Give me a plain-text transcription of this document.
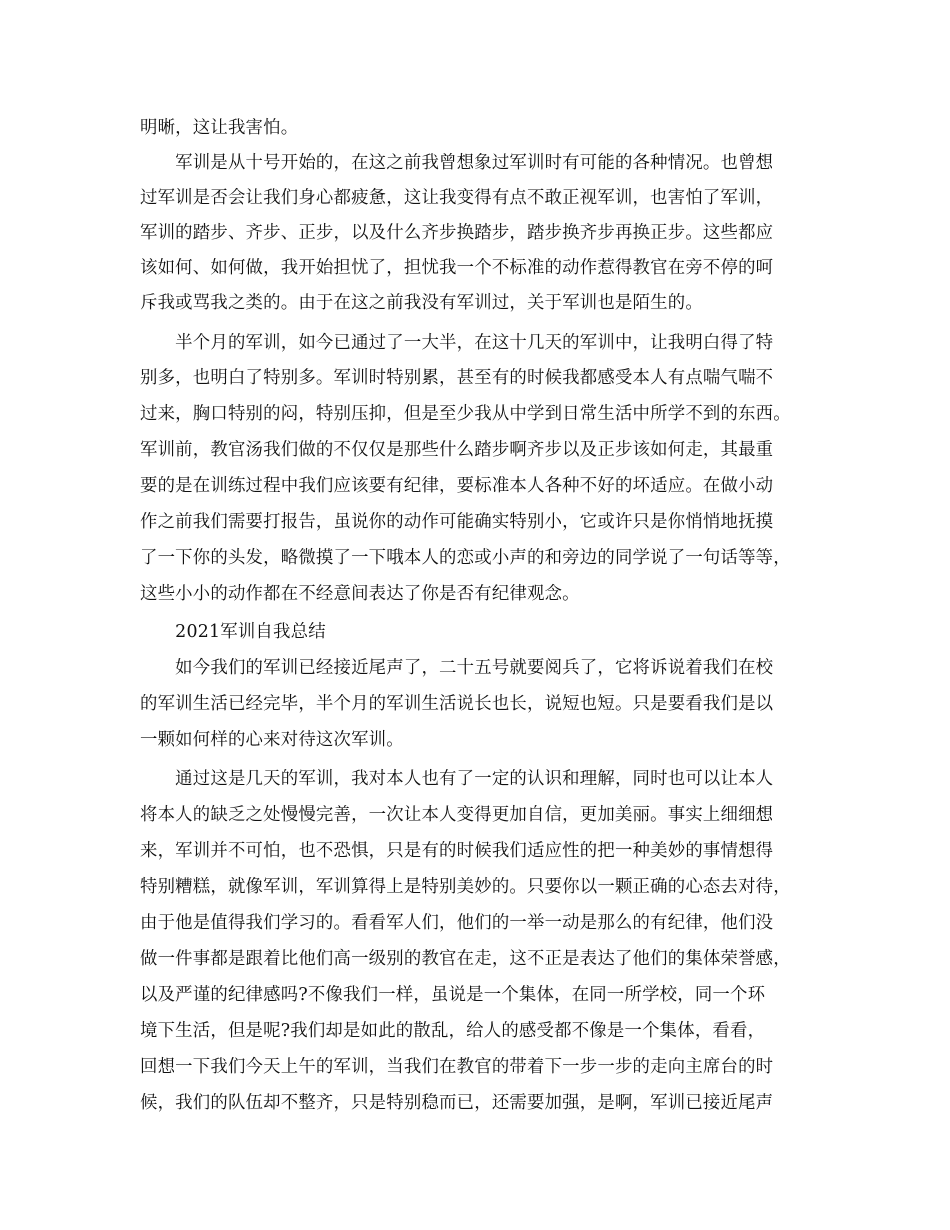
明晰，这让我害怕。
　　军训是从十号开始的，在这之前我曾想象过军训时有可能的各种情况。也曾想
过军训是否会让我们身心都疲惫，这让我变得有点不敢正视军训，也害怕了军训，
军训的踏步、齐步、正步，以及什么齐步换踏步，踏步换齐步再换正步。这些都应
该如何、如何做，我开始担忧了，担忧我一个不标准的动作惹得教官在旁不停的呵
斥我或骂我之类的。由于在这之前我没有军训过，关于军训也是陌生的。
　　半个月的军训，如今已通过了一大半，在这十几天的军训中，让我明白得了特
别多，也明白了特别多。军训时特别累，甚至有的时候我都感受本人有点喘气喘不
过来，胸口特别的闷，特别压抑，但是至少我从中学到日常生活中所学不到的东西。
军训前，教官汤我们做的不仅仅是那些什么踏步啊齐步以及正步该如何走，其最重
要的是在训练过程中我们应该要有纪律，要标准本人各种不好的坏适应。在做小动
作之前我们需要打报告，虽说你的动作可能确实特别小，它或许只是你悄悄地抚摸
了一下你的头发，略微摸了一下哦本人的恋或小声的和旁边的同学说了一句话等等，
这些小小的动作都在不经意间表达了你是否有纪律观念。
　　2021军训自我总结
　　如今我们的军训已经接近尾声了，二十五号就要阅兵了，它将诉说着我们在校
的军训生活已经完毕，半个月的军训生活说长也长，说短也短。只是要看我们是以
一颗如何样的心来对待这次军训。
　　通过这是几天的军训，我对本人也有了一定的认识和理解，同时也可以让本人
将本人的缺乏之处慢慢完善，一次让本人变得更加自信，更加美丽。事实上细细想
来，军训并不可怕，也不恐惧，只是有的时候我们适应性的把一种美妙的事情想得
特别糟糕，就像军训，军训算得上是特别美妙的。只要你以一颗正确的心态去对待，
由于他是值得我们学习的。看看军人们，他们的一举一动是那么的有纪律，他们没
做一件事都是跟着比他们高一级别的教官在走，这不正是表达了他们的集体荣誉感，
以及严谨的纪律感吗?不像我们一样，虽说是一个集体，在同一所学校，同一个环
境下生活，但是呢?我们却是如此的散乱，给人的感受都不像是一个集体，看看，
回想一下我们今天上午的军训，当我们在教官的带着下一步一步的走向主席台的时
候，我们的队伍却不整齐，只是特别稳而已，还需要加强，是啊，军训已接近尾声
